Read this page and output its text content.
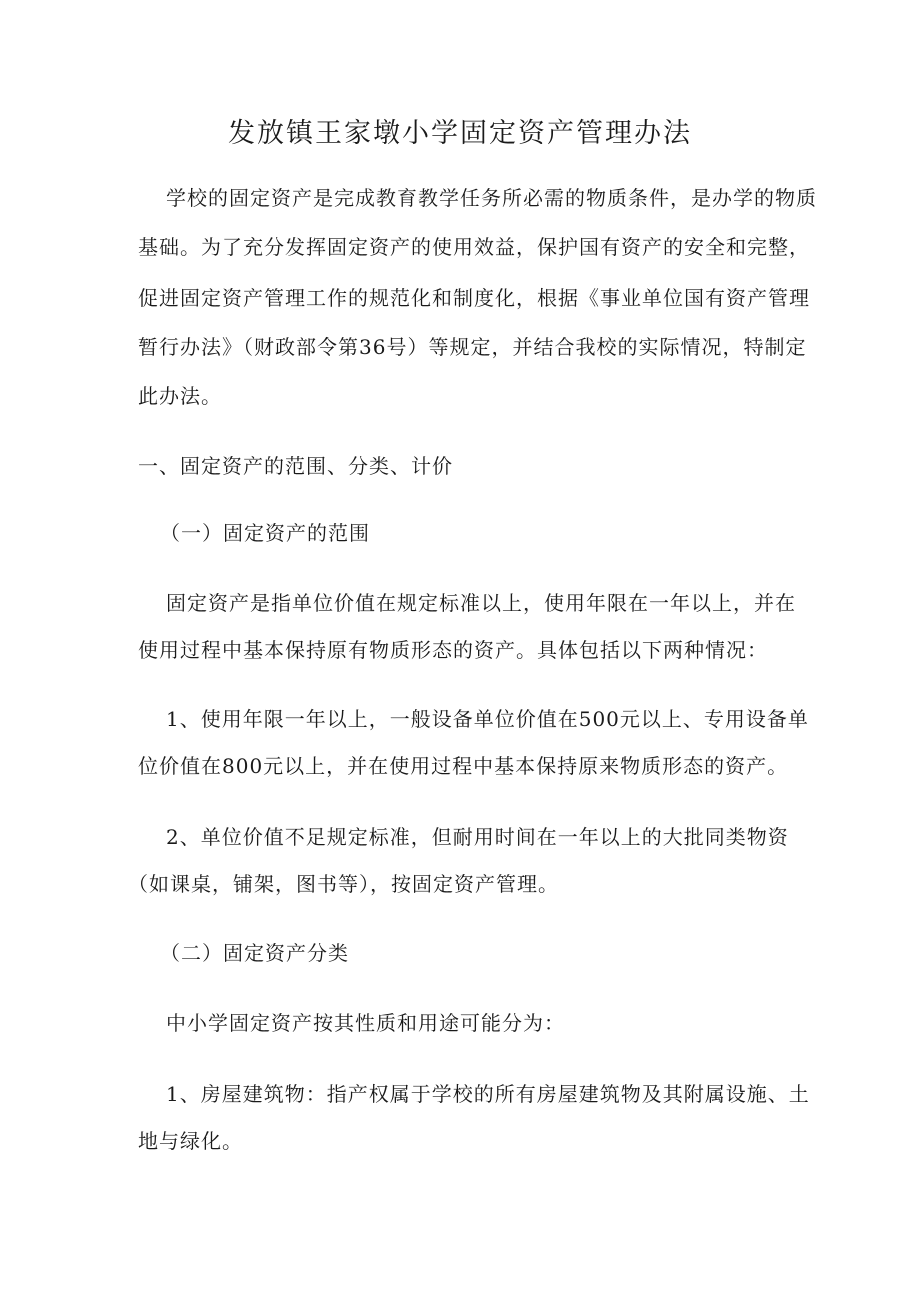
发放镇王家墩小学固定资产管理办法

学校的固定资产是完成教育教学任务所必需的物质条件，是办学的物质

基础。为了充分发挥固定资产的使用效益，保护国有资产的安全和完整，

促进固定资产管理工作的规范化和制度化，根据《事业单位国有资产管理

暂行办法》（财政部令第36号）等规定，并结合我校的实际情况，特制定

此办法。

一、固定资产的范围、分类、计价

（一）固定资产的范围

固定资产是指单位价值在规定标准以上，使用年限在一年以上，并在

使用过程中基本保持原有物质形态的资产。具体包括以下两种情况：

1、使用年限一年以上，一般设备单位价值在500元以上、专用设备单

位价值在800元以上，并在使用过程中基本保持原来物质形态的资产。

2、单位价值不足规定标准，但耐用时间在一年以上的大批同类物资

（如课桌，铺架，图书等），按固定资产管理。

（二）固定资产分类

中小学固定资产按其性质和用途可能分为：

1、房屋建筑物：指产权属于学校的所有房屋建筑物及其附属设施、土

地与绿化。
